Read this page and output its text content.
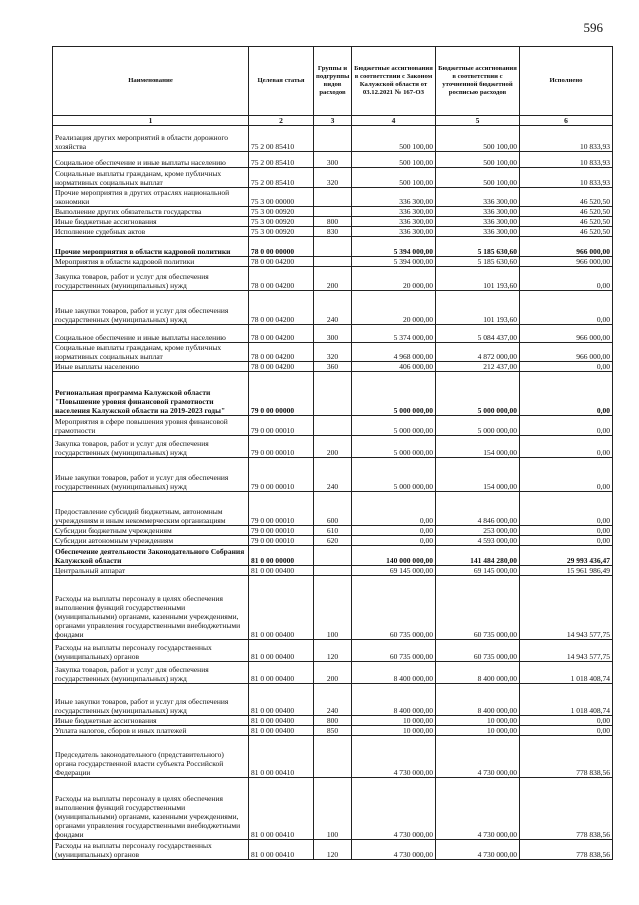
596
Наименование	Целевая статья	Группы и подгруппы видов расходов	Бюджетные ассигнования в соответствии с Законом Калужской области от 03.12.2021 № 167-ОЗ	Бюджетные ассигнования в соответствии с уточненной бюджетной росписью расходов	Исполнено
1	2	3	4	5	6
Реализация других мероприятий в области дорожного хозяйства	75 2 00 85410		500 100,00	500 100,00	10 833,93
Социальное обеспечение и иные выплаты населению	75 2 00 85410	300	500 100,00	500 100,00	10 833,93
Социальные выплаты гражданам, кроме публичных нормативных социальных выплат	75 2 00 85410	320	500 100,00	500 100,00	10 833,93
Прочие мероприятия в других отраслях национальной экономики	75 3 00 00000		336 300,00	336 300,00	46 520,50
Выполнение других обязательств государства	75 3 00 00920		336 300,00	336 300,00	46 520,50
Иные бюджетные ассигнования	75 3 00 00920	800	336 300,00	336 300,00	46 520,50
Исполнение судебных актов	75 3 00 00920	830	336 300,00	336 300,00	46 520,50
Прочие мероприятия в области кадровой политики	78 0 00 00000		5 394 000,00	5 185 630,60	966 000,00
Мероприятия в области кадровой политики	78 0 00 04200		5 394 000,00	5 185 630,60	966 000,00
Закупка товаров, работ и услуг для обеспечения государственных (муниципальных) нужд	78 0 00 04200	200	20 000,00	101 193,60	0,00
Иные закупки товаров, работ и услуг для обеспечения государственных (муниципальных) нужд	78 0 00 04200	240	20 000,00	101 193,60	0,00
Социальное обеспечение и иные выплаты населению	78 0 00 04200	300	5 374 000,00	5 084 437,00	966 000,00
Социальные выплаты гражданам, кроме публичных нормативных социальных выплат	78 0 00 04200	320	4 968 000,00	4 872 000,00	966 000,00
Иные выплаты населению	78 0 00 04200	360	406 000,00	212 437,00	0,00
Региональная программа Калужской области "Повышение уровня финансовой грамотности населения Калужской области на 2019-2023 годы"	79 0 00 00000		5 000 000,00	5 000 000,00	0,00
Мероприятия в сфере повышения уровня финансовой грамотности	79 0 00 00010		5 000 000,00	5 000 000,00	0,00
Закупка товаров, работ и услуг для обеспечения государственных (муниципальных) нужд	79 0 00 00010	200	5 000 000,00	154 000,00	0,00
Иные закупки товаров, работ и услуг для обеспечения государственных (муниципальных) нужд	79 0 00 00010	240	5 000 000,00	154 000,00	0,00
Предоставление субсидий бюджетным, автономным учреждениям и иным некоммерческим организациям	79 0 00 00010	600	0,00	4 846 000,00	0,00
Субсидии бюджетным учреждениям	79 0 00 00010	610	0,00	253 000,00	0,00
Субсидии автономным учреждениям	79 0 00 00010	620	0,00	4 593 000,00	0,00
Обеспечение деятельности Законодательного Собрания Калужской области	81 0 00 00000		140 000 000,00	141 484 280,00	29 993 436,47
Центральный аппарат	81 0 00 00400		69 145 000,00	69 145 000,00	15 961 986,49
Расходы на выплаты персоналу в целях обеспечения выполнения функций государственными (муниципальными) органами, казенными учреждениями, органами управления государственными внебюджетными фондами	81 0 00 00400	100	60 735 000,00	60 735 000,00	14 943 577,75
Расходы на выплаты персоналу государственных (муниципальных) органов	81 0 00 00400	120	60 735 000,00	60 735 000,00	14 943 577,75
Закупка товаров, работ и услуг для обеспечения государственных (муниципальных) нужд	81 0 00 00400	200	8 400 000,00	8 400 000,00	1 018 408,74
Иные закупки товаров, работ и услуг для обеспечения государственных (муниципальных) нужд	81 0 00 00400	240	8 400 000,00	8 400 000,00	1 018 408,74
Иные бюджетные ассигнования	81 0 00 00400	800	10 000,00	10 000,00	0,00
Уплата налогов, сборов и иных платежей	81 0 00 00400	850	10 000,00	10 000,00	0,00
Председатель законодательного (представительного) органа государственной власти субъекта Российской Федерации	81 0 00 00410		4 730 000,00	4 730 000,00	778 838,56
Расходы на выплаты персоналу в целях обеспечения выполнения функций государственными (муниципальными) органами, казенными учреждениями, органами управления государственными внебюджетными фондами	81 0 00 00410	100	4 730 000,00	4 730 000,00	778 838,56
Расходы на выплаты персоналу государственных (муниципальных) органов	81 0 00 00410	120	4 730 000,00	4 730 000,00	778 838,56
